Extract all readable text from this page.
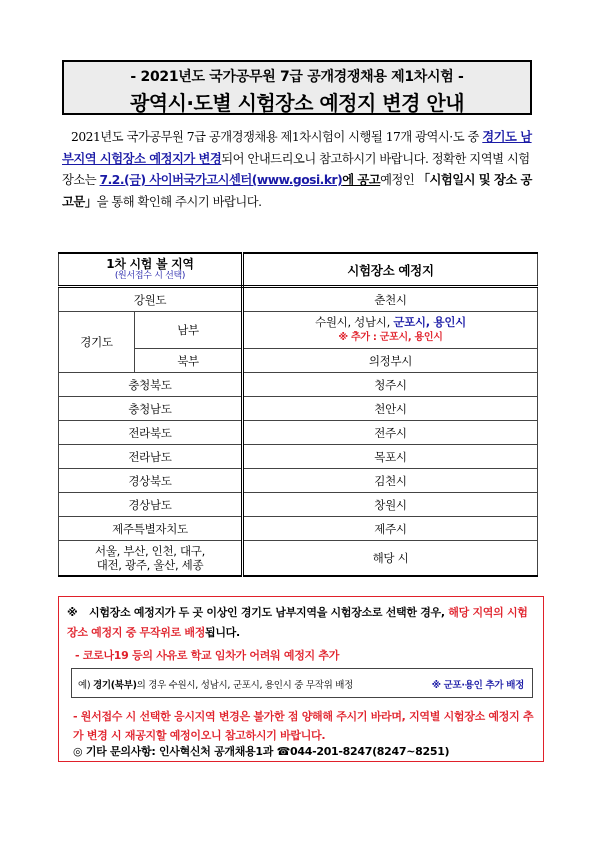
- 2021년도 국가공무원 7급 공개경쟁채용 제1차시험 -
광역시·도별 시험장소 예정지 변경 안내
2021년도 국가공무원 7급 공개경쟁채용 제1차시험이 시행될 17개 광역시·도 중 경기도 남부지역 시험장소 예정지가 변경되어 안내드리오니 참고하시기 바랍니다. 정확한 지역별 시험 장소는 7.2.(금) 사이버국가고시센터(www.gosi.kr)에 공고예정인 「시험일시 및 장소 공고문」을 통해 확인해 주시기 바랍니다.
1차 시험 볼 지역
(원서접수 시 선택)		시험장소 예정지
강원도		춘천시
경기도	남부	수원시, 성남시, 군포시, 용인시
※ 추가 : 군포시, 용인시

	북부	의정부시
충청북도		청주시
충청남도		천안시
전라북도		전주시
전라남도		목포시
경상북도		김천시
경상남도		창원시
제주특별자치도		제주시

서울, 부산, 인천, 대구,
대전, 광주, 울산, 세종		해당 시
※ 시험장소 예정지가 두 곳 이상인 경기도 남부지역을 시험장소로 선택한 경우, 해당 지역의 시험장소 예정지 중 무작위로 배정됩니다.
- 코로나19 등의 사유로 학교 임차가 어려워 예정지 추가
예) 경기(북부)의 경우 수원시, 성남시, 군포시, 용인시 중 무작위 배정	※ 군포·용인 추가 배정
- 원서접수 시 선택한 응시지역 변경은 불가한 점 양해해 주시기 바라며, 지역별 시험장소 예정지 추가 변경 시 재공지할 예정이오니 참고하시기 바랍니다.
◎ 기타 문의사항: 인사혁신처 공개채용1과 ☎044-201-8247(8247~8251)
